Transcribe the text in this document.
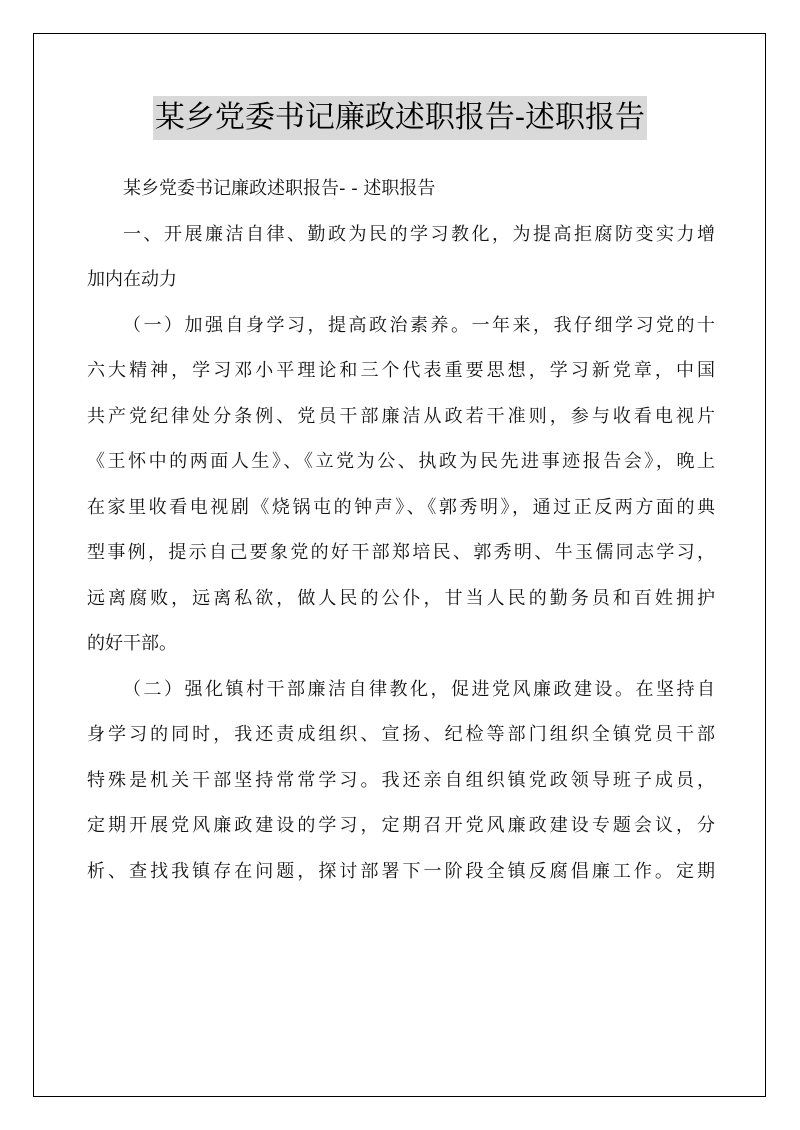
某乡党委书记廉政述职报告-述职报告
某乡党委书记廉政述职报告- - 述职报告
一、开展廉洁自律、勤政为民的学习教化，为提高拒腐防变实力增
加内在动力
（一）加强自身学习，提高政治素养。一年来，我仔细学习党的十
六大精神，学习邓小平理论和三个代表重要思想，学习新党章，中国
共产党纪律处分条例、党员干部廉洁从政若干准则，参与收看电视片
《王怀中的两面人生》、《立党为公、执政为民先进事迹报告会》，晚上
在家里收看电视剧《烧锅屯的钟声》、《郭秀明》，通过正反两方面的典
型事例，提示自己要象党的好干部郑培民、郭秀明、牛玉儒同志学习，
远离腐败，远离私欲，做人民的公仆，甘当人民的勤务员和百姓拥护
的好干部。
（二）强化镇村干部廉洁自律教化，促进党风廉政建设。在坚持自
身学习的同时，我还责成组织、宣扬、纪检等部门组织全镇党员干部
特殊是机关干部坚持常常学习。我还亲自组织镇党政领导班子成员，
定期开展党风廉政建设的学习，定期召开党风廉政建设专题会议，分
析、查找我镇存在问题，探讨部署下一阶段全镇反腐倡廉工作。定期
